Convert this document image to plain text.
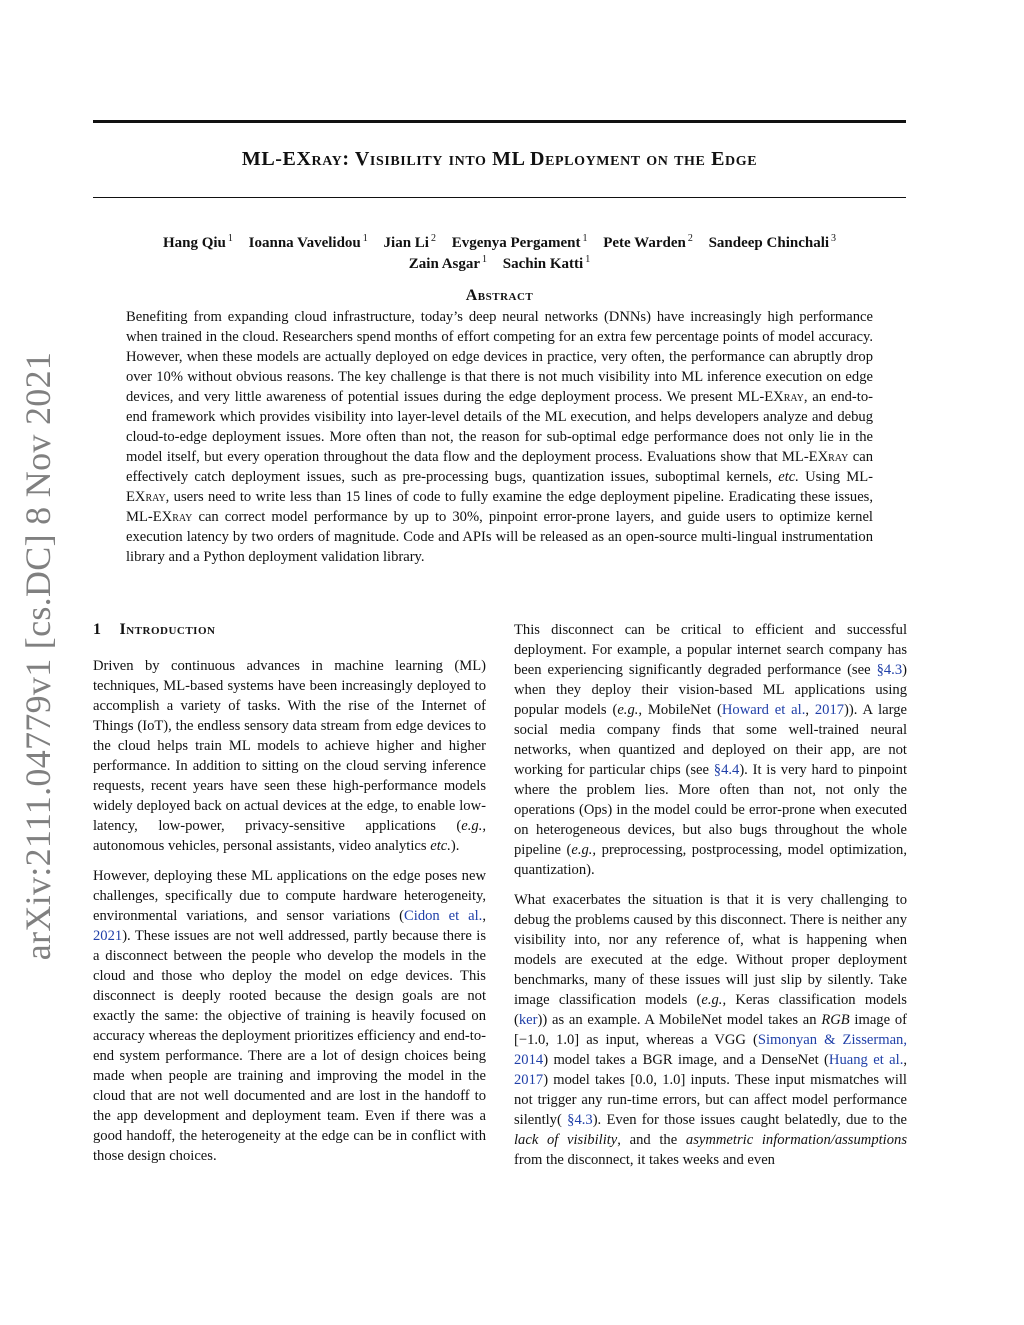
ML-EXray: Visibility into ML Deployment on the Edge
Hang Qiu $^1$ Ioanna Vavelidou $^1$ Jian Li $^2$ Evgenya Pergament $^1$ Pete Warden $^2$ Sandeep Chinchali $^3$
Zain Asgar $^1$ Sachin Katti $^1$
Abstract

Benefiting from expanding cloud infrastructure, today’s deep neural networks (DNNs) have increasingly high performance when trained in the cloud. Researchers spend months of effort competing for an extra few percentage points of model accuracy. However, when these models are actually deployed on edge devices in practice, very often, the performance can abruptly drop over 10% without obvious reasons. The key challenge is that there is not much visibility into ML inference execution on edge devices, and very little awareness of potential issues during the edge deployment process. We present ML-EXray, an end-to-end framework which provides visibility into layer-level details of the ML execution, and helps developers analyze and debug cloud-to-edge deployment issues. More often than not, the reason for sub-optimal edge performance does not only lie in the model itself, but every operation throughout the data flow and the deployment process. Evaluations show that ML-EXray can effectively catch deployment issues, such as pre-processing bugs, quantization issues, suboptimal kernels, etc. Using ML-EXray, users need to write less than 15 lines of code to fully examine the edge deployment pipeline. Eradicating these issues, ML-EXray can correct model performance by up to 30%, pinpoint error-prone layers, and guide users to optimize kernel execution latency by two orders of magnitude. Code and APIs will be released as an open-source multi-lingual instrumentation library and a Python deployment validation library.

arXiv:2111.04779v1 [cs.DC] 8 Nov 2021 1 Introduction

Driven by continuous advances in machine learning (ML) techniques, ML-based systems have been increasingly deployed to accomplish a variety of tasks. With the rise of the Internet of Things (IoT), the endless sensory data stream from edge devices to the cloud helps train ML models to achieve higher and higher performance. In addition to sitting on the cloud serving inference requests, recent years have seen these high-performance models widely deployed back on actual devices at the edge, to enable low-latency, low-power, privacy-sensitive applications (e.g., autonomous vehicles, personal assistants, video analytics etc.).

However, deploying these ML applications on the edge poses new challenges, specifically due to compute hardware heterogeneity, environmental variations, and sensor variations (Cidon et al., 2021). These issues are not well addressed, partly because there is a disconnect between the people who develop the models in the cloud and those who deploy the model on edge devices. This disconnect is deeply rooted because the design goals are not exactly the same: the objective of training is heavily focused on accuracy whereas the deployment prioritizes efficiency and end-to-end system performance. There are a lot of design choices being made when people are training and improving the model in the cloud that are not well documented and are lost in the handoff to the app development and deployment team. Even if there was a good handoff, the heterogeneity at the edge can be in conflict with those design choices.

This disconnect can be critical to efficient and successful deployment. For example, a popular internet search company has been experiencing significantly degraded performance (see §4.3) when they deploy their vision-based ML applications using popular models (e.g., MobileNet (Howard et al., 2017)). A large social media company finds that some well-trained neural networks, when quantized and deployed on their app, are not working for particular chips (see §4.4). It is very hard to pinpoint where the problem lies. More often than not, not only the operations (Ops) in the model could be error-prone when executed on heterogeneous devices, but also bugs throughout the whole pipeline (e.g., preprocessing, postprocessing, model optimization, quantization).

What exacerbates the situation is that it is very challenging to debug the problems caused by this disconnect. There is neither any visibility into, nor any reference of, what is happening when models are executed at the edge. Without proper deployment benchmarks, many of these issues will just slip by silently. Take image classification models (e.g., Keras classification models (ker)) as an example. A MobileNet model takes an RGB image of [−1.0, 1.0] as input, whereas a VGG (Simonyan & Zisserman, 2014) model takes a BGR image, and a DenseNet (Huang et al., 2017) model takes [0.0, 1.0] inputs. These input mismatches will not trigger any run-time errors, but can affect model performance silently( §4.3). Even for those issues caught belatedly, due to the lack of visibility, and the asymmetric information/assumptions from the disconnect, it takes weeks and even
